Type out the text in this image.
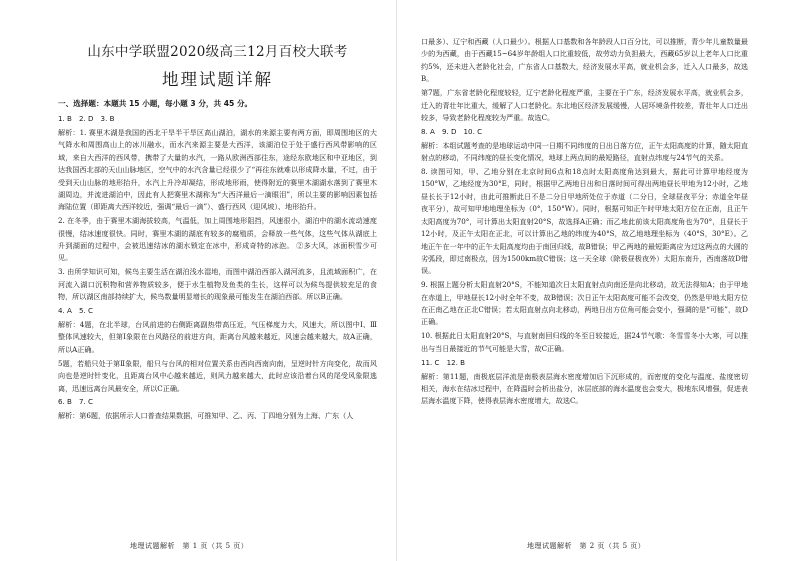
山东中学联盟2020级高三12月百校大联考
地理试题详解
一、选择题：本题共 15 小题，每小题 3 分，共 45 分。
1. B　2. D　3. B

解析：1. 赛里木湖是我国的西北干旱半干旱区高山湖泊，湖水的来源主要有两方面，即周围地区的大气降水和周围高山上的冰川融水，而水汽来源主要是大西洋，该湖泊位于处于盛行西风带影响的区域，来自大西洋的西风带，携带了大量的水汽，一路从欧洲西部往东，途经东欧地区和中亚地区，到达我国西北部的天山山脉地区，空气中的水汽含量已经很少了“再往东就难以形成降水量，不过，由于受到天山山脉的地形抬升，水汽上升冷却凝结，形成地形雨，使得附近的赛里木湖湖水落到了赛里木湖周边，并流进湖泊中，因此有人把赛里木湖称为“大西洋最后一滴眼泪”，所以主要的影响因素包括海陆位置（即距离大西洋较近，强调“最后一滴”）、盛行西风（迎风坡）、地形抬升。

2. 在冬季，由于赛里木湖海拔较高，气温低，加上周围地形阻挡，风速很小，湖泊中的湖水流动速度很慢，结冰速度很快。同时，赛里木湖的湖底有较多的腐殖质，会释放一些气体，这些气体从湖底上升到湖面的过程中，会被迅速结冰的湖水锁定在冰中，形成奇特的冰泡。 ②多大风，冰面积雪少可见。

3. 由所学知识可知，候鸟主要生活在湖泊浅水湿地，而图中湖泊西部入湖河流多，且流域面积广，在河流入湖口沉积物和营养物质较多，便于水生植物及鱼类的生长，这样可以为候鸟提供较充足的食物，所以湖区南部持续扩大，候鸟数量明显增长的现象最可能发生在湖泊西部。所以B正确。

4. A　5. C

解析：4题，在北半球，台风前进的右侧距离副热带高压近，气压梯度力大，风速大，所以图中Ⅰ、Ⅲ整体风速较大，但第Ⅰ象限在台风路径的前进方向，距离台风越来越近，风速会越来越大，故A正确，所以A正确。

5题，若船只处于第Ⅱ象限，船只与台风的相对位置关系由西向西南向南，呈逆时针方向变化，故而风向也是逆时针变化，且距离台风中心越来越近，则风力越来越大，此时应该沿着台风的尾受风象限逃离，迅速远离台风最安全，所以C正确。

6. B　7. C

解析：第6题，依据所示人口普查结果数据，可推知甲、乙、丙、丁四地分别为上海、广东（人

地理试题解析　第 1 页（共 5 页）

口最多）、辽宁和西藏（人口最少）。根据人口基数和各年龄段人口百分比，可以推断，青少年儿童数量最少的为西藏，由于西藏15~64岁年龄组人口比重较低，故劳动力负担最大，西藏65岁以上老年人口比重约5%，还未进入老龄化社会，广东省人口基数大，经济发展水平高，就业机会多，迁入人口最多，故选B。

第7题，广东省老龄化程度较轻，辽宁老龄化程度严重，主要在于广东，经济发展水平高，就业机会多，迁入的青壮年比重大，缓解了人口老龄化。东北地区经济发展缓慢，人居环境条件较差，青壮年人口迁出较多，导致老龄化程度较为严重。故选C。

8. A　9. D　10. C

解析：本组试题考查的是地球运动中同一日期不同纬度的日出日落方位，正午太阳高度的计算，随太阳直射点的移动，不同纬度的昼长变化情况，地球上两点间的最短路径，直射点纬度与24节气的关系。

8. 读图可知，甲、乙地分别在北京时间6点和18点时太阳高度角达到最大，据此可计算甲地经度为150°W，乙地经度为30°E，同时，根据甲乙两地日出和日落时间可得出两地昼长甲地为12小时，乙地昼长长于12小时，由此可推断此日不是二分日甲地所处位于赤道（二分日，全球昼夜平分；赤道全年昼夜平分），故可知甲地地理坐标为（0°，150°W）。同时，根据可知正午时甲地太阳方位在正南，且正午太阳高度为70°，可计算出太阳直射20°S，故选择A正确；而乙地此前该太阳高度角也为70°，且昼长于12小时，及正午太阳在正北，可以计算出乙地的纬度为40°S，故乙地地理坐标为（40°S，30°E）。乙地正午在一年中的正午太阳高度均由于南回归线，故B错误；甲乙两地的最短距离应为过这两点的大圆的劣弧段，即过南极点，因为1500km故C错误；这一天全球（除极昼极夜外）太阳东南升，西南落故D错误。

9. 根据上题分析太阳直射20°S，不能知道次日太阳直射点向南还是向北移动，故无法得知A；由于甲地在赤道上，甲地昼长12小时全年不变，故B错误；次日正午太阳高度可能不会改变，仍然是甲地太阳方位在正南乙地在正北C错误；若太阳直射点向北移动，两地日出方位角可能会变小，强调的是“可能”，故D正确。

10. 根据此日太阳直射20°S，与直射南回归线的冬至日较接近，据24节气歌：冬雪雪冬小大寒，可以推出与当日最接近的节气可能是大雪，故C正确。

11. C　12. B

解析：第11题，南极底层洋流是南极表层海水密度增加后下沉形成的，而密度的变化与温度、盐度密切相关，海水在结冰过程中，在降温时会析出盐分，冰层底部的海水温度也会变大，极地东风增强，促进表层海水温度下降，使得表层海水密度增大，故选C。

地理试题解析　第 2 页（共 5 页）
